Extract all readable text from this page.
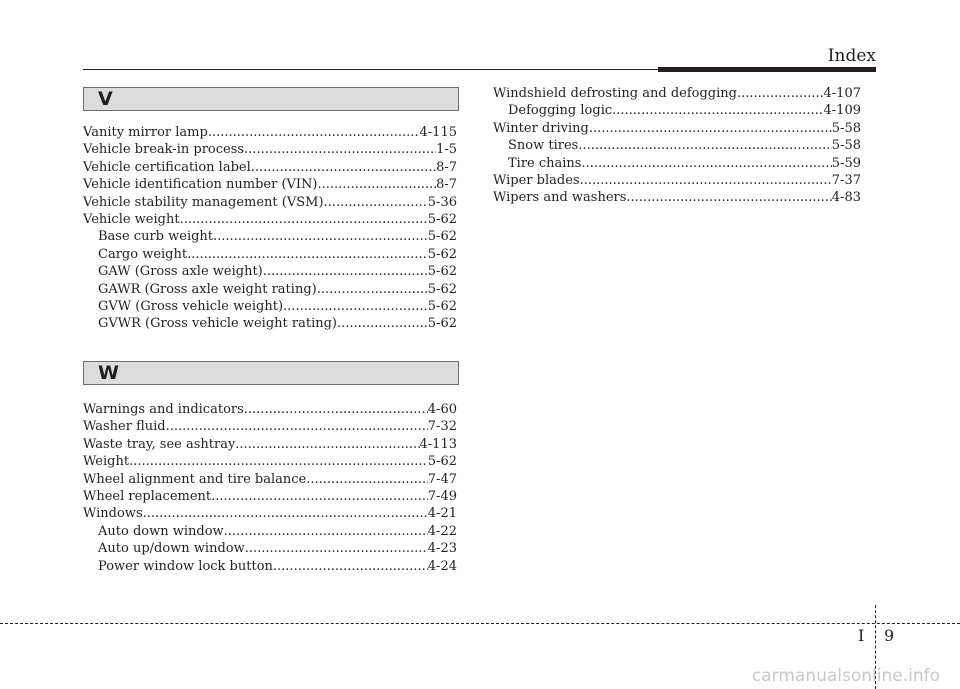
Index
V
Vanity mirror lamp .....	4-115
Vehicle break-in process .....	1-5
Vehicle certification label .....	8-7
Vehicle identification number (VIN) .....	8-7
Vehicle stability management (VSM) .....	5-36
Vehicle weight .....	5-62
Base curb weight .....	5-62
Cargo weight .....	5-62
GAW (Gross axle weight) .....	5-62
GAWR (Gross axle weight rating) .....	5-62
GVW (Gross vehicle weight) .....	5-62
GVWR (Gross vehicle weight rating) .....	5-62
W
Warnings and indicators .....	4-60
Washer fluid .....	7-32
Waste tray, see ashtray .....	4-113
Weight .....	5-62
Wheel alignment and tire balance .....	7-47
Wheel replacement .....	7-49
Windows .....	4-21
Auto down window .....	4-22
Auto up/down window .....	4-23
Power window lock button .....	4-24
Windshield defrosting and defogging .....	4-107
Defogging logic .....	4-109
Winter driving .....	5-58
Snow tires .....	5-58
Tire chains .....	5-59
Wiper blades .....	7-37
Wipers and washers .....	4-83
I 9
carmanualsonline.info
